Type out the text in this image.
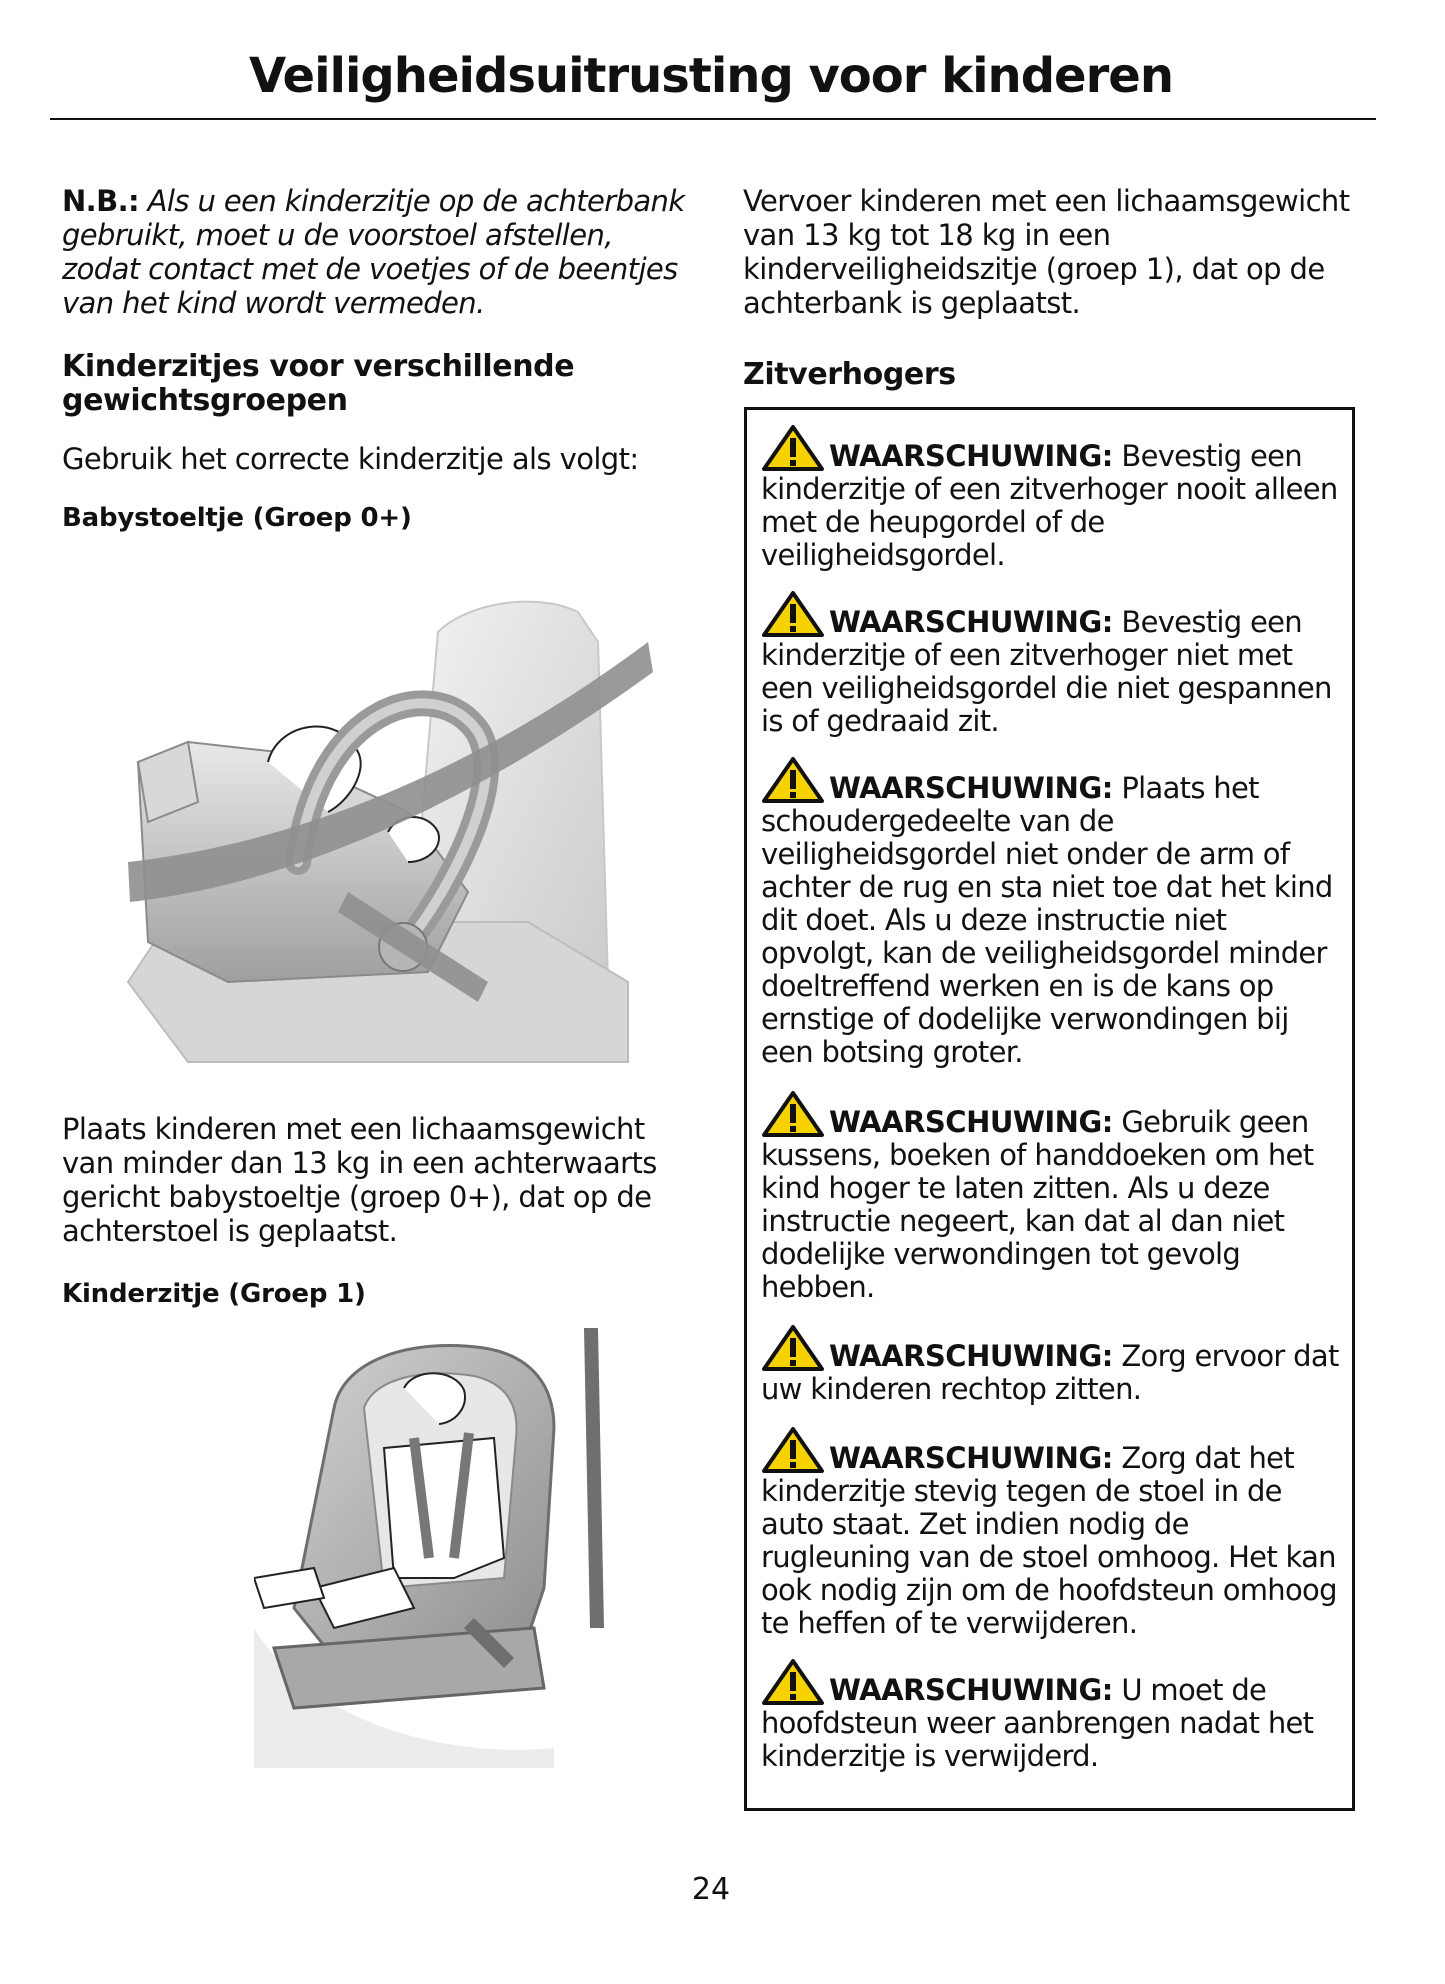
Veiligheidsuitrusting voor kinderen

N.B.: Als u een kinderzitje op de achterbank gebruikt, moet u de voorstoel afstellen, zodat contact met de voetjes of de beentjes van het kind wordt vermeden.

Kinderzitjes voor verschillende gewichtsgroepen

Gebruik het correcte kinderzitje als volgt:

Babystoeltje (Groep 0+)

Plaats kinderen met een lichaamsgewicht van minder dan 13 kg in een achterwaarts gericht babystoeltje (groep 0+), dat op de achterstoel is geplaatst.

Kinderzitje (Groep 1)

Vervoer kinderen met een lichaamsgewicht van 13 kg tot 18 kg in een kinderveiligheidszitje (groep 1), dat op de achterbank is geplaatst.

Zitverhogers
WAARSCHUWING: Bevestig een kinderzitje of een zitverhoger nooit alleen met de heupgordel of de veiligheidsgordel.
WAARSCHUWING: Bevestig een kinderzitje of een zitverhoger niet met een veiligheidsgordel die niet gespannen is of gedraaid zit.
WAARSCHUWING: Plaats het schoudergedeelte van de veiligheidsgordel niet onder de arm of achter de rug en sta niet toe dat het kind dit doet. Als u deze instructie niet opvolgt, kan de veiligheidsgordel minder doeltreffend werken en is de kans op ernstige of dodelijke verwondingen bij een botsing groter.
WAARSCHUWING: Gebruik geen kussens, boeken of handdoeken om het kind hoger te laten zitten. Als u deze instructie negeert, kan dat al dan niet dodelijke verwondingen tot gevolg hebben.
WAARSCHUWING: Zorg ervoor dat uw kinderen rechtop zitten.
WAARSCHUWING: Zorg dat het kinderzitje stevig tegen de stoel in de auto staat. Zet indien nodig de rugleuning van de stoel omhoog. Het kan ook nodig zijn om de hoofdsteun omhoog te heffen of te verwijderen.
WAARSCHUWING: U moet de hoofdsteun weer aanbrengen nadat het kinderzitje is verwijderd.
24
